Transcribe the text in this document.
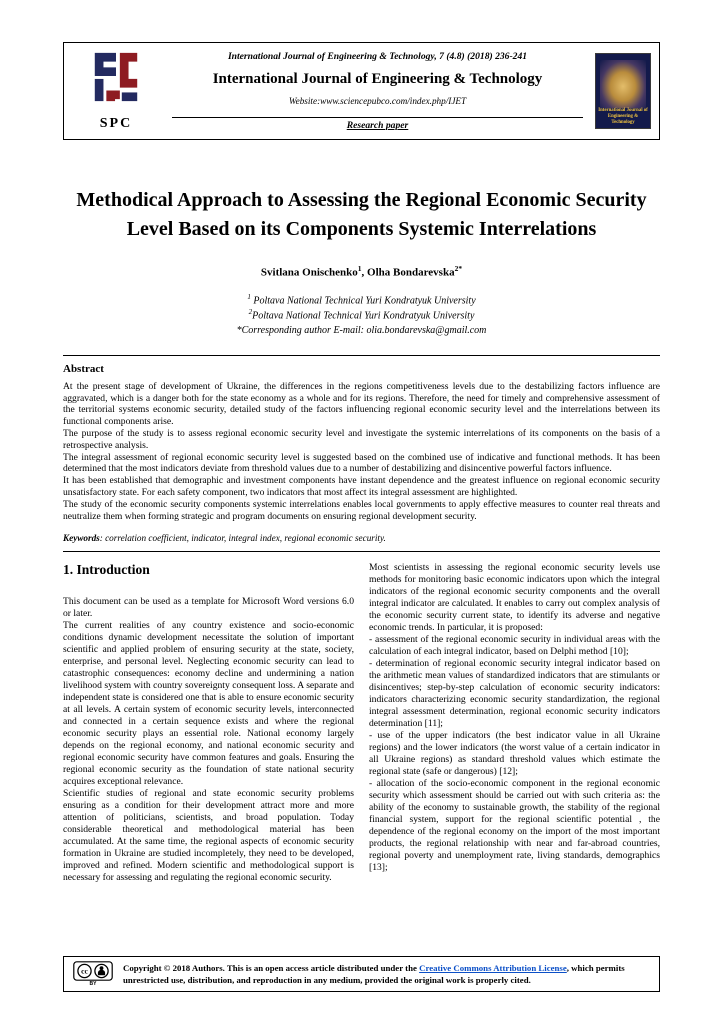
SPC
International Journal of Engineering & Technology, 7 (4.8) (2018) 236-241
International Journal of Engineering & Technology
Website:www.sciencepubco.com/index.php/IJET
Research paper
International Journal of
Engineering & Technology
Methodical Approach to Assessing the Regional Economic Security Level Based on its Components Systemic Interrelations
Svitlana Onischenko$^1$, Olha Bondarevska$^{2*}$
$^1$ Poltava National Technical Yuri Kondratyuk University
$^2$Poltava National Technical Yuri Kondratyuk University
*Corresponding author E-mail: olia.bondarevska@gmail.com
Abstract

At the present stage of development of Ukraine, the differences in the regions competitiveness levels due to the destabilizing factors influence are aggravated, which is a danger both for the state economy as a whole and for its regions. Therefore, the need for timely and comprehensive assessment of the territorial systems economic security, detailed study of the factors influencing regional economic security level and the interrelations between its functional components arise.

The purpose of the study is to assess regional economic security level and investigate the systemic interrelations of its components on the basis of a retrospective analysis.

The integral assessment of regional economic security level is suggested based on the combined use of indicative and functional methods. It has been determined that the most indicators deviate from threshold values due to a number of destabilizing and disincentive powerful factors influence.

It has been established that demographic and investment components have instant dependence and the greatest influence on regional economic security unsatisfactory state. For each safety component, two indicators that most affect its integral assessment are highlighted.

The study of the economic security components systemic interrelations enables local governments to apply effective measures to counter real threats and neutralize them when forming strategic and program documents on ensuring regional development security.

Keywords: correlation coefficient, indicator, integral index, regional economic security.
1. Introduction

This document can be used as a template for Microsoft Word versions 6.0 or later.

The current realities of any country existence and socio-economic conditions dynamic development necessitate the solution of important scientific and applied problem of ensuring security at the state, society, enterprise, and personal level. Neglecting economic security can lead to catastrophic consequences: economy decline and undermining a nation livelihood system with country sovereignty consequent loss. A separate and independent state is considered one that is able to ensure economic security at all levels. A certain system of economic security levels, interconnected and connected in a certain sequence exists and where the regional economic security plays an essential role. National economy largely depends on the regional economy, and national economic security and regional economic security have common features and goals. Ensuring the regional economic security as the foundation of state national security acquires exceptional relevance.

Scientific studies of regional and state economic security problems ensuring as a condition for their development attract more and more attention of politicians, scientists, and broad population. Today considerable theoretical and methodological material has been accumulated. At the same time, the regional aspects of economic security formation in Ukraine are studied incompletely, they need to be developed, improved and refined. Modern scientific and methodological support is necessary for assessing and regulating the regional economic security.

Most scientists in assessing the regional economic security levels use methods for monitoring basic economic indicators upon which the integral indicators of the regional economic security components and the overall integral indicator are calculated. It enables to carry out complex analysis of the economic security current state, to identify its adverse and negative economic trends. In particular, it is proposed:

- assessment of the regional economic security in individual areas with the calculation of each integral indicator, based on Delphi method [10];

- determination of regional economic security integral indicator based on the arithmetic mean values of standardized indicators that are stimulants or disincentives; step-by-step calculation of economic security indicators: indicators characterizing economic security standardization, the regional integral assessment determination, regional economic security indicators determination [11];

- use of the upper indicators (the best indicator value in all Ukraine regions) and the lower indicators (the worst value of a certain indicator in all Ukraine regions) as standard threshold values which estimate the regional state (safe or dangerous) [12];

- allocation of the socio-economic component in the regional economic security which assessment should be carried out with such criteria as: the ability of the economy to sustainable growth, the stability of the regional financial system, support for the regional scientific potential , the dependence of the regional economy on the import of the most important products, the regional relationship with near and far-abroad countries, regional poverty and unemployment rate, living standards, demographics [13];

cc
BY
Copyright © 2018 Authors. This is an open access article distributed under the Creative Commons Attribution License, which permits unrestricted use, distribution, and reproduction in any medium, provided the original work is properly cited.
